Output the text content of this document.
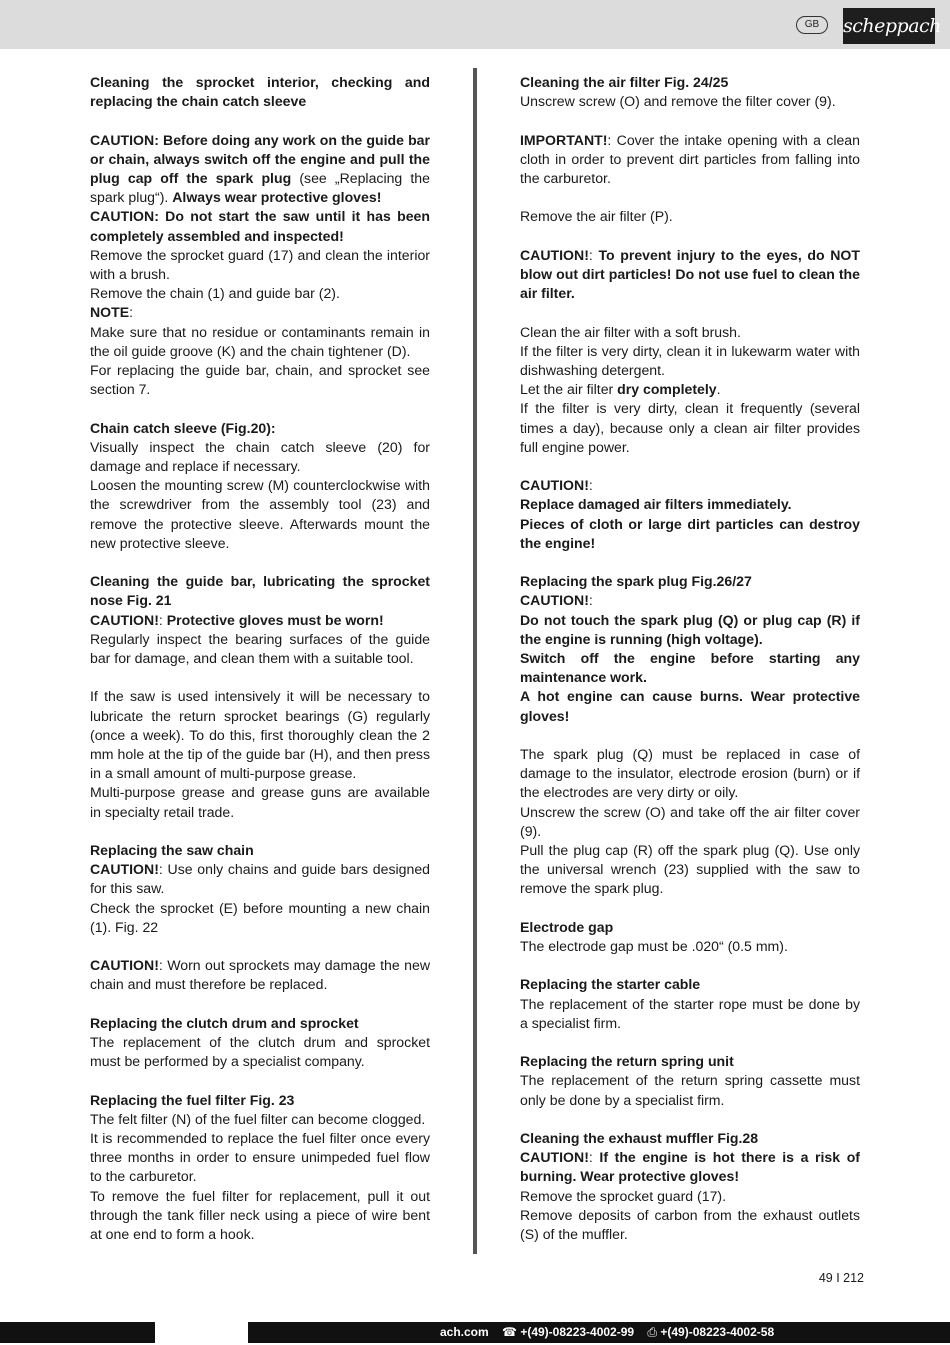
GB	scheppach

Cleaning the sprocket interior, checking and replacing the chain catch sleeve

CAUTION: Before doing any work on the guide bar or chain, always switch off the engine and pull the plug cap off the spark plug (see „Replacing the spark plug“). Always wear protective gloves!

CAUTION: Do not start the saw until it has been completely assembled and inspected!

Remove the sprocket guard (17) and clean the interior with a brush.

Remove the chain (1) and guide bar (2).

NOTE:

Make sure that no residue or contaminants remain in the oil guide groove (K) and the chain tightener (D).

For replacing the guide bar, chain, and sprocket see section 7.

Chain catch sleeve (Fig.20):

Visually inspect the chain catch sleeve (20) for damage and replace if necessary.

Loosen the mounting screw (M) counterclockwise with the screwdriver from the assembly tool (23) and remove the protective sleeve. Afterwards mount the new protective sleeve.

Cleaning the guide bar, lubricating the sprocket nose Fig. 21

CAUTION!: Protective gloves must be worn!

Regularly inspect the bearing surfaces of the guide bar for damage, and clean them with a suitable tool.

If the saw is used intensively it will be necessary to lubricate the return sprocket bearings (G) regularly (once a week). To do this, first thoroughly clean the 2 mm hole at the tip of the guide bar (H), and then press in a small amount of multi-purpose grease.

Multi-purpose grease and grease guns are available in specialty retail trade.

Replacing the saw chain

CAUTION!: Use only chains and guide bars designed for this saw.

Check the sprocket (E) before mounting a new chain (1). Fig. 22

CAUTION!: Worn out sprockets may damage the new chain and must therefore be replaced.

Replacing the clutch drum and sprocket

The replacement of the clutch drum and sprocket must be performed by a specialist company.

Replacing the fuel filter Fig. 23

The felt filter (N) of the fuel filter can become clogged.

It is recommended to replace the fuel filter once every three months in order to ensure unimpeded fuel flow to the carburetor.

To remove the fuel filter for replacement, pull it out through the tank filler neck using a piece of wire bent at one end to form a hook.

Cleaning the air filter Fig. 24/25

Unscrew screw (O) and remove the filter cover (9).

IMPORTANT!: Cover the intake opening with a clean cloth in order to prevent dirt particles from falling into the carburetor.

Remove the air filter (P).

CAUTION!: To prevent injury to the eyes, do NOT blow out dirt particles! Do not use fuel to clean the air filter.

Clean the air filter with a soft brush.

If the filter is very dirty, clean it in lukewarm water with dishwashing detergent.

Let the air filter dry completely.

If the filter is very dirty, clean it frequently (several times a day), because only a clean air filter provides full engine power.

CAUTION!:

Replace damaged air filters immediately.

Pieces of cloth or large dirt particles can destroy the engine!

Replacing the spark plug Fig.26/27

CAUTION!:

Do not touch the spark plug (Q) or plug cap (R) if the engine is running (high voltage).

Switch off the engine before starting any maintenance work.

A hot engine can cause burns. Wear protective gloves!

The spark plug (Q) must be replaced in case of damage to the insulator, electrode erosion (burn) or if the electrodes are very dirty or oily.

Unscrew the screw (O) and take off the air filter cover (9).

Pull the plug cap (R) off the spark plug (Q). Use only the universal wrench (23) supplied with the saw to remove the spark plug.

Electrode gap

The electrode gap must be .020“ (0.5 mm).

Replacing the starter cable

The replacement of the starter rope must be done by a specialist firm.

Replacing the return spring unit

The replacement of the return spring cassette must only be done by a specialist firm.

Cleaning the exhaust muffler Fig.28

CAUTION!: If the engine is hot there is a risk of burning. Wear protective gloves!

Remove the sprocket guard (17).

Remove deposits of carbon from the exhaust outlets (S) of the muffler.

49 I 212
ach.com ☎ +(49)-08223-4002-99 ⎙ +(49)-08223-4002-58
